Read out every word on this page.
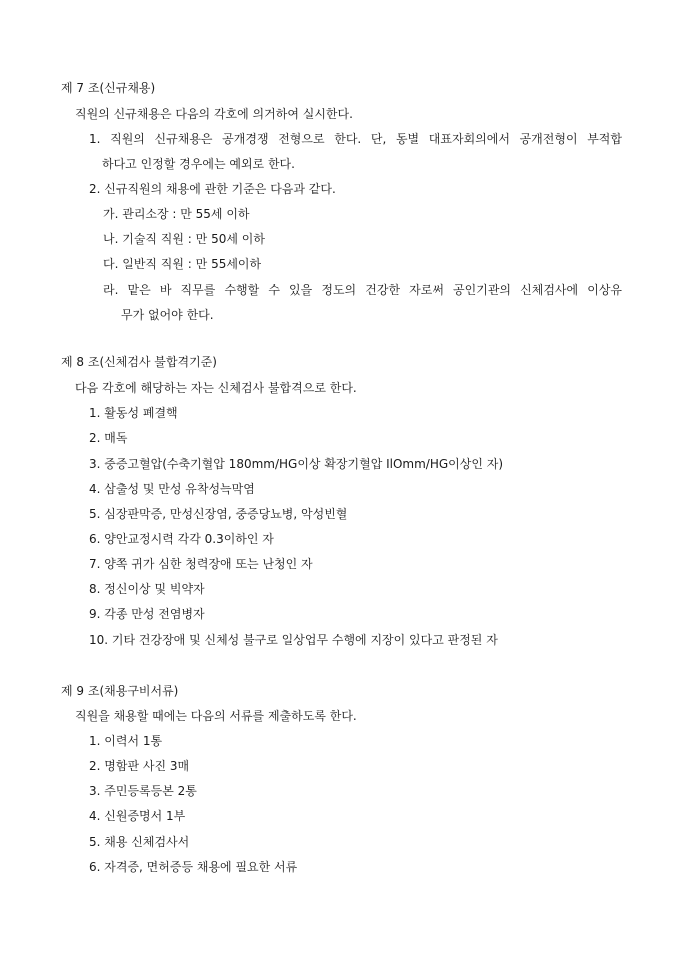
제 7 조(신규채용)
직원의 신규채용은 다음의 각호에 의거하여 실시한다.
1. 직원의 신규채용은 공개경쟁 전형으로 한다. 단, 동별 대표자회의에서 공개전형이 부적합
하다고 인정할 경우에는 예외로 한다.
2. 신규직원의 채용에 관한 기준은 다음과 같다.
가. 관리소장 : 만 55세 이하
나. 기술직 직원 : 만 50세 이하
다. 일반직 직원 : 만 55세이하
라. 맡은 바 직무를 수행할 수 있을 정도의 건강한 자로써 공인기관의 신체검사에 이상유
무가 없어야 한다.
제 8 조(신체검사 불합격기준)
다음 각호에 해당하는 자는 신체검사 불합격으로 한다.
1. 활동성 폐결핵
2. 매독
3. 중증고혈압(수축기혈압 180mm/HG이상 확장기혈압 IlOmm/HG이상인 자)
4. 삼출성 및 만성 유착성늑막염
5. 심장판막증, 만성신장염, 중증당뇨병, 악성빈혈
6. 양안교정시력 각각 0.3이하인 자
7. 양쪽 귀가 심한 청력장애 또는 난청인 자
8. 정신이상 및 빅약자
9. 각종 만성 전염병자
10. 기타 건강장애 및 신체성 불구로 일상업무 수행에 지장이 있다고 판정된 자
제 9 조(채용구비서류)
직원을 채용할 때에는 다음의 서류를 제출하도록 한다.
1. 이력서 1통
2. 명함판 사진 3매
3. 주민등록등본 2통
4. 신원증명서 1부
5. 채용 신체검사서
6. 자격증, 면허증등 채용에 필요한 서류
